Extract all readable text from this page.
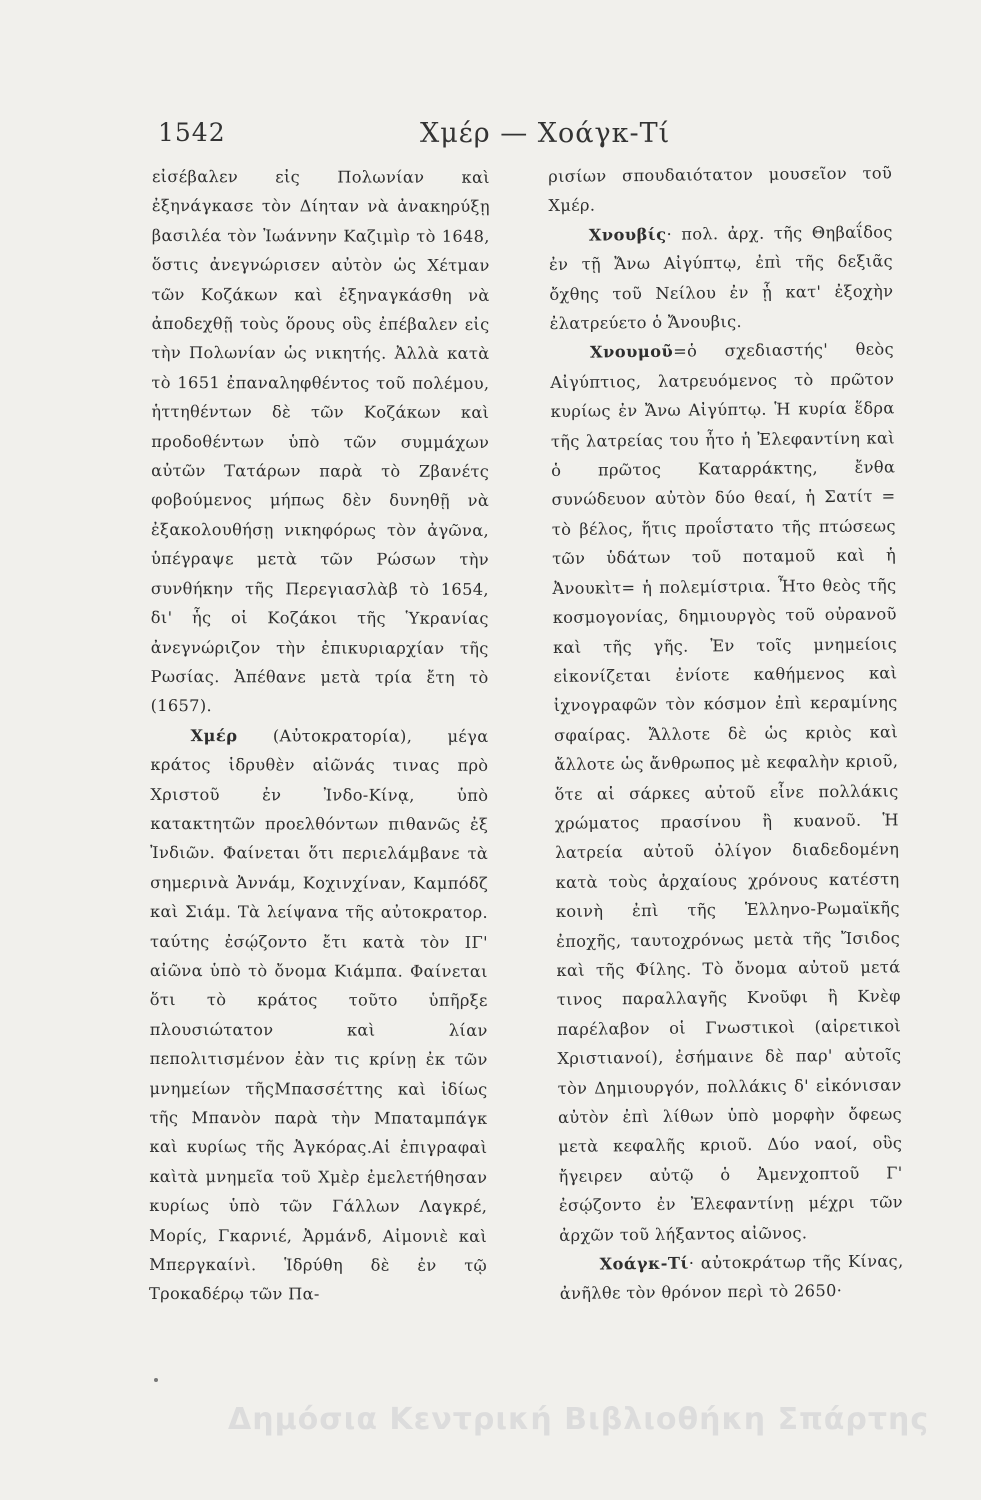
1542	Χμέρ — Χοάγκ-Τί

εἰσέβαλεν εἰς Πολωνίαν καὶ ἐξηνάγκασε τὸν Δίηταν νὰ ἀνακηρύξῃ βασιλέα τὸν Ἰωάννην Καζιμὶρ τὸ 1648, ὅστις ἀνεγνώρισεν αὐτὸν ὡς Χέτμαν τῶν Κοζάκων καὶ ἐξηναγκάσθη νὰ ἀποδεχθῇ τοὺς ὅρους οὓς ἐπέβαλεν εἰς τὴν Πολωνίαν ὡς νικητής. Ἀλλὰ κατὰ τὸ 1651 ἐπαναληφθέντος τοῦ πολέμου, ἡττηθέντων δὲ τῶν Κοζάκων καὶ προδοθέντων ὑπὸ τῶν συμμάχων αὐτῶν Τατάρων παρὰ τὸ Ζβανέτς φοβούμενος μήπως δὲν δυνηθῇ νὰ ἐξακολουθήσῃ νικηφόρως τὸν ἀγῶνα, ὑπέγραψε μετὰ τῶν Ρώσων τὴν συνθήκην τῆς Περεγιασλὰβ τὸ 1654, δι' ἧς οἱ Κοζάκοι τῆς Ὑκρανίας ἀνεγνώριζον τὴν ἐπικυριαρχίαν τῆς Ρωσίας. Ἀπέθανε μετὰ τρία ἔτη τὸ (1657).

Χμέρ (Αὐτοκρατορία), μέγα κράτος ἱδρυθὲν αἰῶνάς τινας πρὸ Χριστοῦ ἐν Ἰνδο-Κίνᾳ, ὑπὸ κατακτητῶν προελθόντων πιθανῶς ἐξ Ἰνδιῶν. Φαίνεται ὅτι περιελάμβανε τὰ σημερινὰ Ἀννάμ, Κοχινχίναν, Καμπόδζ καὶ Σιάμ. Τὰ λείψανα τῆς αὐτοκρατορ. ταύτης ἐσῴζοντο ἔτι κατὰ τὸν ΙΓ' αἰῶνα ὑπὸ τὸ ὄνομα Κιάμπα. Φαίνεται ὅτι τὸ κράτος τοῦτο ὑπῆρξε πλουσιώτατον καὶ λίαν πεπολιτισμένον ἐὰν τις κρίνῃ ἐκ τῶν μνημείων τῆςΜπασσέττης καὶ ἰδίως τῆς Μπανὸν παρὰ τὴν Μπαταμπάγκ καὶ κυρίως τῆς Ἀγκόρας.Αἱ ἐπιγραφαὶ καὶτὰ μνημεῖα τοῦ Χμὲρ ἐμελετήθησαν κυρίως ὑπὸ τῶν Γάλλων Λαγκρέ, Μορίς, Γκαρνιέ, Ἀρμάνδ, Αἰμονιὲ καὶ Μπεργκαίνὶ. Ἱδρύθη δὲ ἐν τῷ Τροκαδέρῳ τῶν Πα-

ρισίων σπουδαιότατον μουσεῖον τοῦ Χμέρ.

Χνουβίς· πολ. ἀρχ. τῆς Θηβαΐδος ἐν τῇ Ἄνω Αἰγύπτῳ, ἐπὶ τῆς δεξιᾶς ὄχθης τοῦ Νείλου ἐν ᾗ κατ' ἐξοχὴν ἐλατρεύετο ὁ Ἄνουβις.

Χνουμοῦ=ὁ σχεδιαστής' θεὸς Αἰγύπτιος, λατρευόμενος τὸ πρῶτον κυρίως ἐν Ἄνω Αἰγύπτῳ. Ἡ κυρία ἕδρα τῆς λατρείας του ἦτο ἡ Ἐλεφαντίνη καὶ ὁ πρῶτος Καταρράκτης, ἔνθα συνώδευον αὐτὸν δύο θεαί, ἡ Σατίτ = τὸ βέλος, ἥτις προΐστατο τῆς πτώσεως τῶν ὑδάτων τοῦ ποταμοῦ καὶ ἡ Ἀνουκὶτ= ἡ πολεμίστρια. Ἦτο θεὸς τῆς κοσμογονίας, δημιουργὸς τοῦ οὐρανοῦ καὶ τῆς γῆς. Ἐν τοῖς μνημείοις εἰκονίζεται ἐνίοτε καθήμενος καὶ ἰχνογραφῶν τὸν κόσμον ἐπὶ κεραμίνης σφαίρας. Ἄλλοτε δὲ ὡς κριὸς καὶ ἄλλοτε ὡς ἄνθρωπος μὲ κεφαλὴν κριοῦ, ὅτε αἱ σάρκες αὐτοῦ εἶνε πολλάκις χρώματος πρασίνου ἢ κυανοῦ. Ἡ λατρεία αὐτοῦ ὀλίγον διαδεδομένη κατὰ τοὺς ἀρχαίους χρόνους κατέστη κοινὴ ἐπὶ τῆς Ἑλληνο-Ρωμαϊκῆς ἐποχῆς, ταυτοχρόνως μετὰ τῆς Ἴσιδος καὶ τῆς Φίλης. Τὸ ὄνομα αὐτοῦ μετά τινος παραλλαγῆς Κνοῦφι ἢ Κνὲφ παρέλαβον οἱ Γνωστικοὶ (αἱρετικοὶ Χριστιανοί), ἐσήμαινε δὲ παρ' αὐτοῖς τὸν Δημιουργόν, πολλάκις δ' εἰκόνισαν αὐτὸν ἐπὶ λίθων ὑπὸ μορφὴν ὄφεως μετὰ κεφαλῆς κριοῦ. Δύο ναοί, οὓς ἤγειρεν αὐτῷ ὁ Ἀμενχοπτοῦ Γ' ἐσῴζοντο ἐν Ἐλεφαντίνῃ μέχρι τῶν ἀρχῶν τοῦ λήξαντος αἰῶνος.

Χοάγκ-Τί· αὐτοκράτωρ τῆς Κίνας, ἀνῆλθε τὸν θρόνον περὶ τὸ 2650·

Δημόσια Κεντρική Βιβλιοθήκη Σπάρτης
